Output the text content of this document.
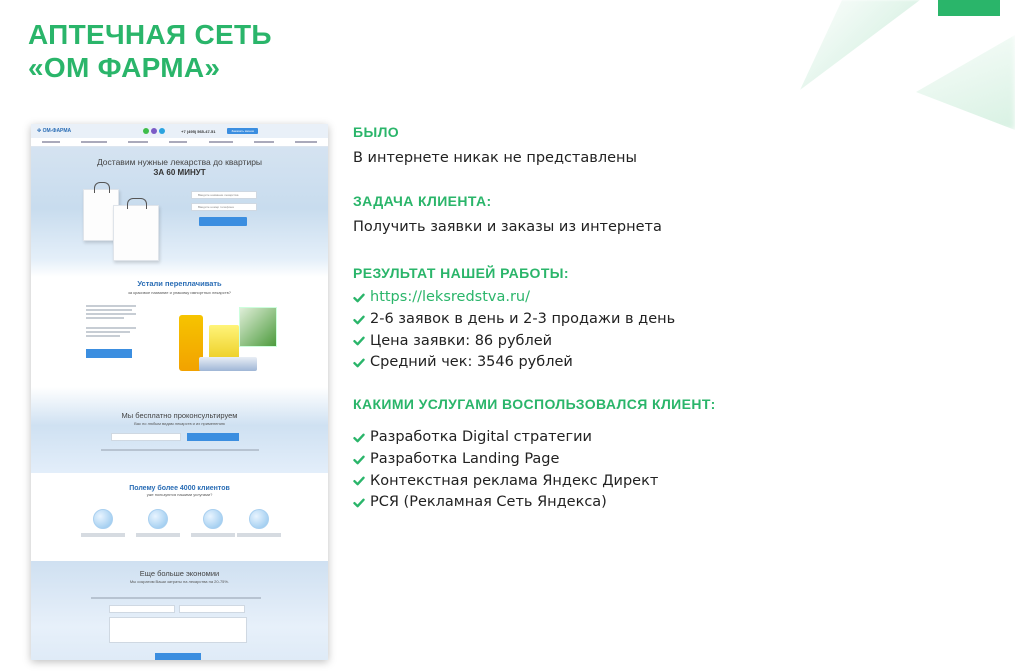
АПТЕЧНАЯ СЕТЬ
«ОМ ФАРМА»
✤ ОМ-ФАРМА	+7 (495) 565-47-51	Заказать звонок
Доставим нужные лекарства до квартиры
ЗА 60 МИНУТ
Введите название лекарства
Введите номер телефона
Устали переплачивать
за красивое название и упаковку импортных лекарств?
Мы бесплатно проконсультируем
Вас по любым видам лекарств и их применению
Полему более 4000 клиентов
уже пользуются нашими услугами?
Еще больше экономии
Мы сократим Ваши затраты на лекарства на 20-75%.
БЫЛО
В интернете никак не представлены
ЗАДАЧА КЛИЕНТА:
Получить заявки и заказы из интернета
РЕЗУЛЬТАТ НАШЕЙ РАБОТЫ:
https://leksredstva.ru/
2-6 заявок в день и 2-3 продажи в день
Цена заявки: 86 рублей
Средний чек: 3546 рублей
КАКИМИ УСЛУГАМИ ВОСПОЛЬЗОВАЛСЯ КЛИЕНТ:
Разработка Digital стратегии
Разработка Landing Page
Контекстная реклама Яндекс Директ
РСЯ (Рекламная Сеть Яндекса)
